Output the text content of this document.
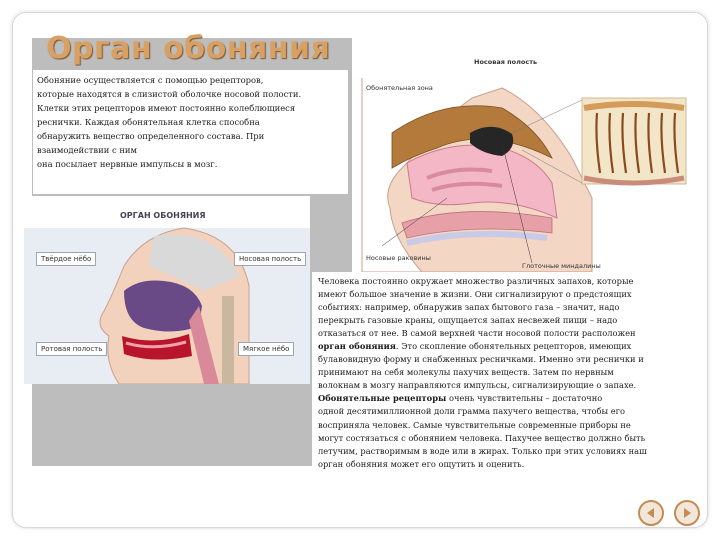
Обоняние осуществляется с помощью рецепторов,

которые находятся в слизистой оболочке носовой полости.

Клетки этих рецепторов имеют постоянно колеблющиеся

реснички. Каждая обонятельная клетка способна

обнаружить вещество определенного состава. При

взаимодействии с ним

она посылает нервные импульсы в мозг.

Орган обоняния	Носовая полость
Обонятельная зона
Носовые раковины
Глоточные миндалины
ОРГАН ОБОНЯНИЯ
Твёрдое нёбо	Носовая полость
Ротовая полость	Мягкое нёбо

Человека постоянно окружает множество различных запахов, которые

имеют большое значение в жизни. Они сигнализируют о предстоящих

событиях: например, обнаружив запах бытового газа – значит, надо

перекрыть газовые краны, ощущается запах несвежей пищи – надо

отказаться от нее. В самой верхней части носовой полости расположен

орган обоняния. Это скопление обонятельных рецепторов, имеющих

булавовидную форму и снабженных ресничками. Именно эти реснички и

принимают на себя молекулы пахучих веществ. Затем по нервным

волокнам в мозгу направляются импульсы, сигнализирующие о запахе.

Обонятельные рецепторы очень чувствительны – достаточно

одной десятимиллионной доли грамма пахучего вещества, чтобы его

восприняла человек. Самые чувствительные современные приборы не

могут состязаться с обонянием человека. Пахучее вещество должно быть

летучим, растворимым в воде или в жирах. Только при этих условиях наш

орган обоняния может его ощутить и оценить.
